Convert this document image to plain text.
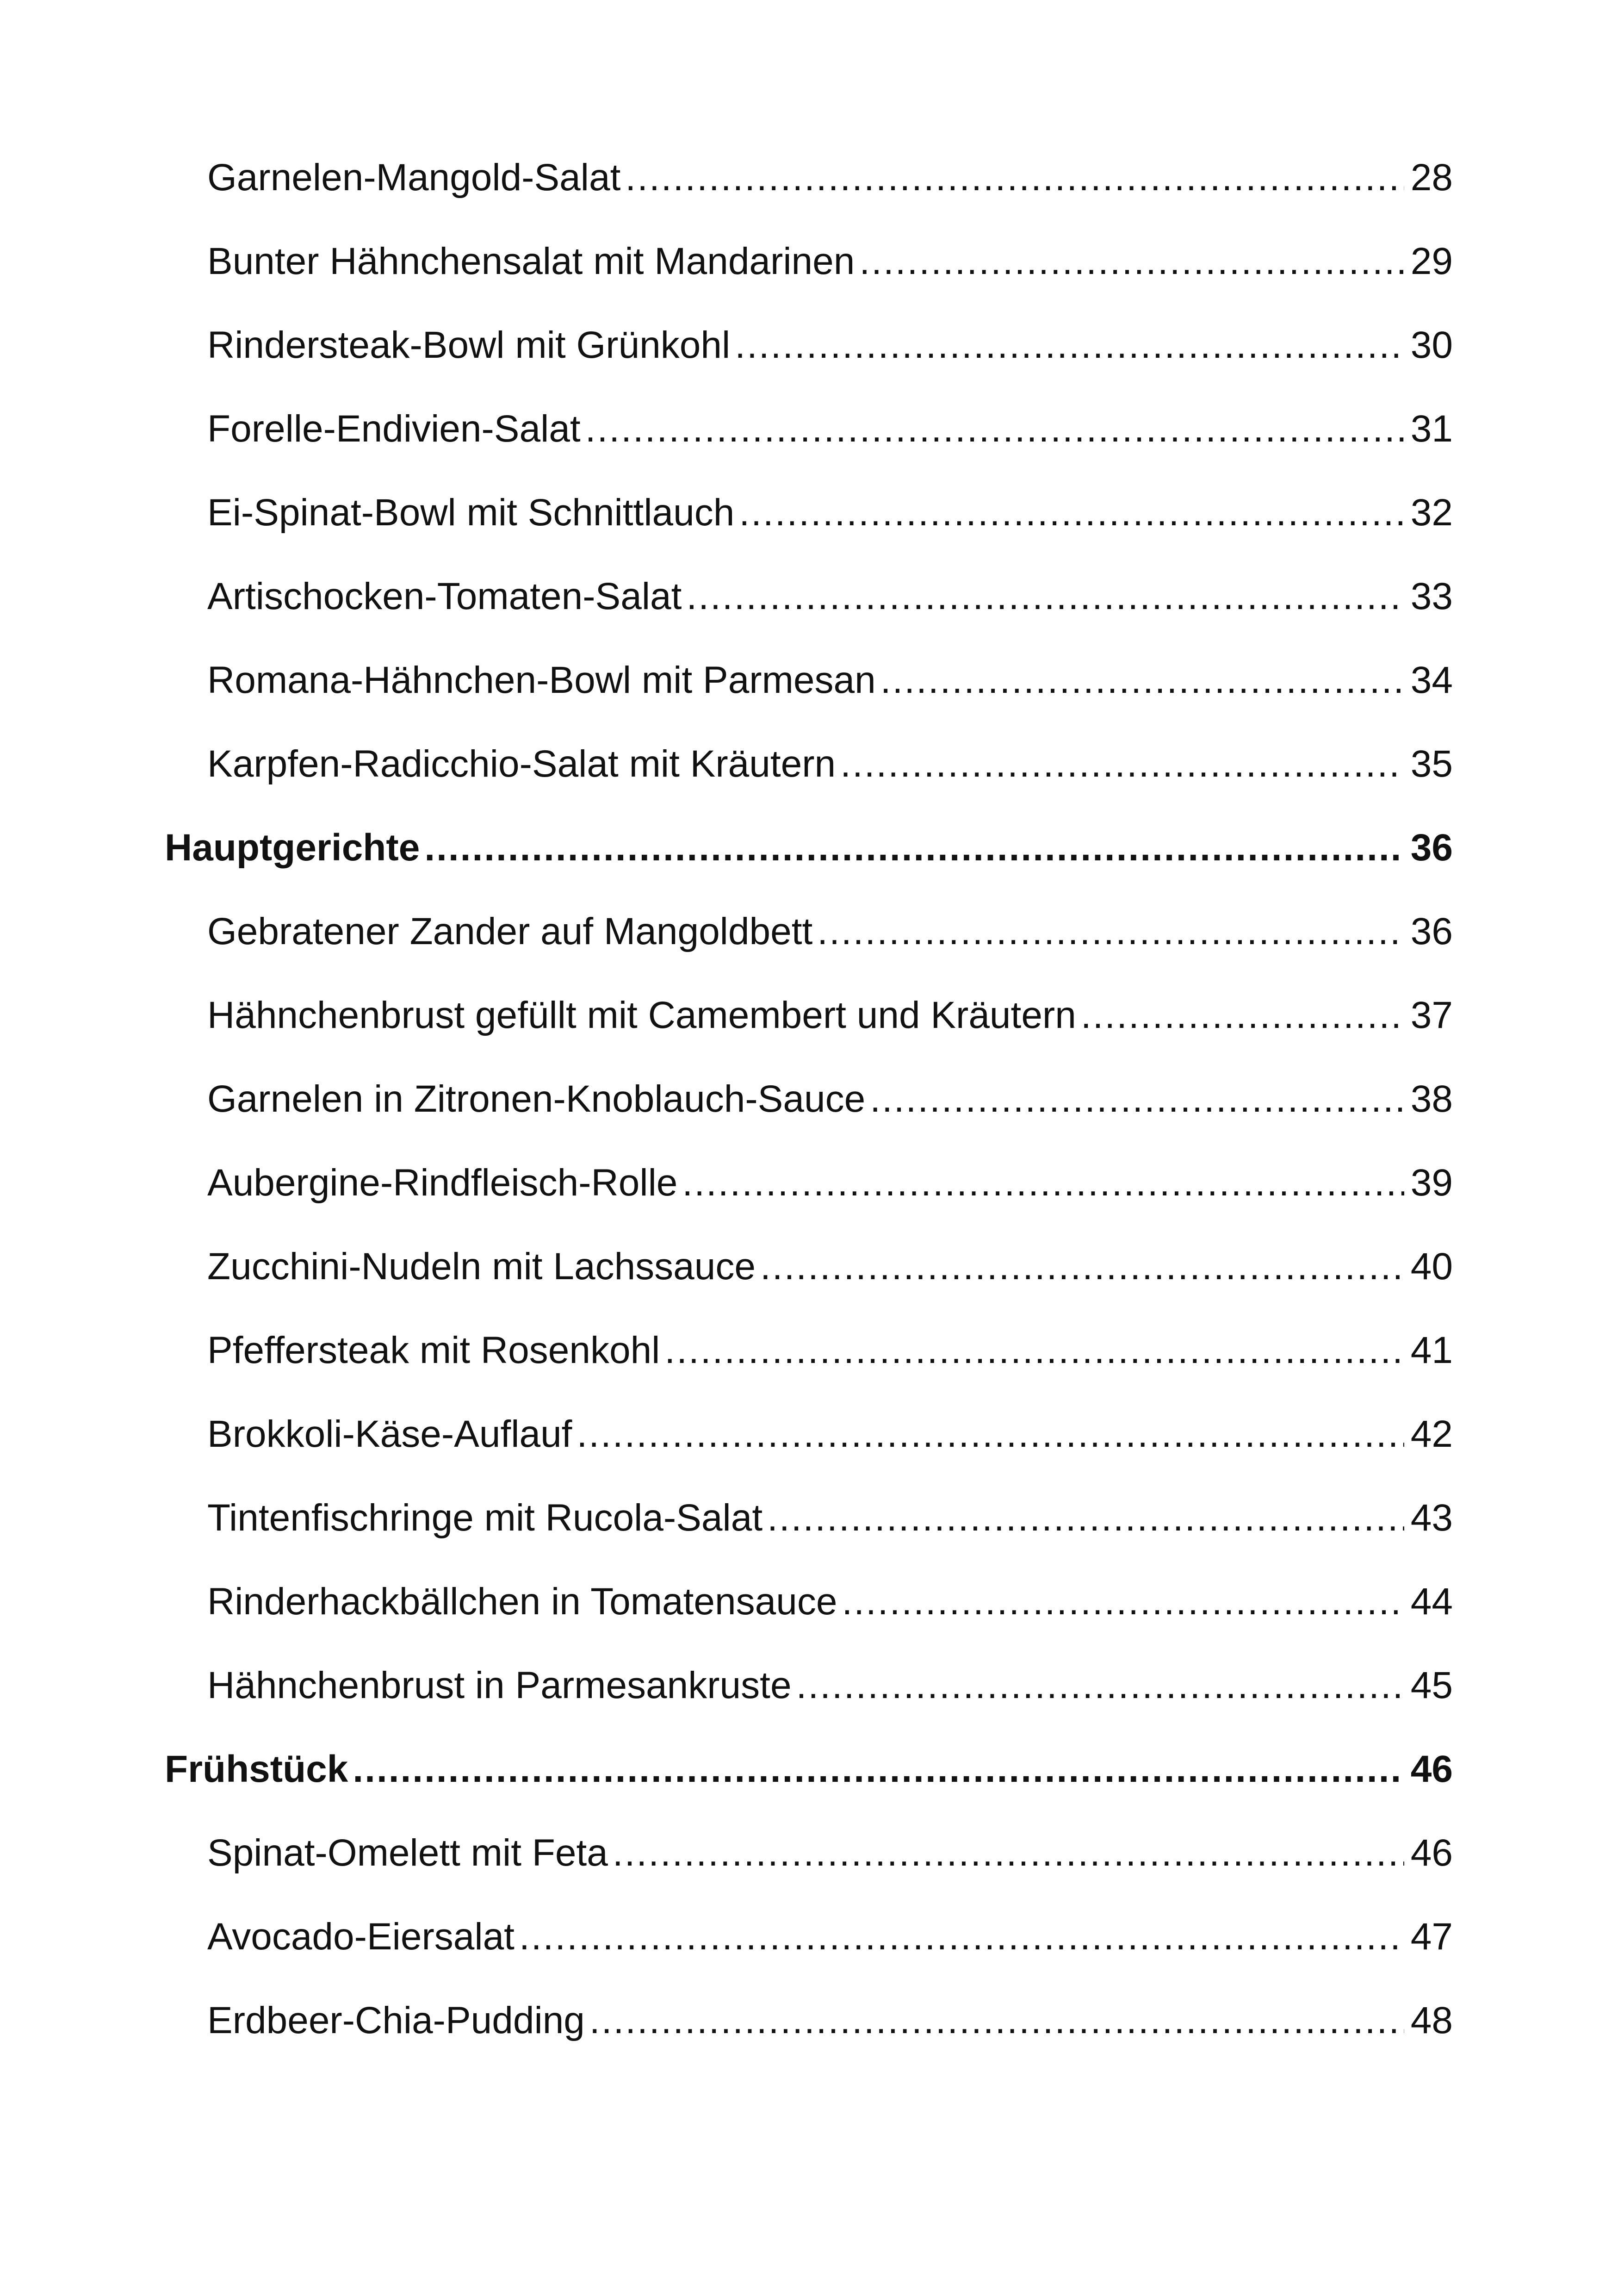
Garnelen-Mangold-Salat .....	28
Bunter Hähnchensalat mit Mandarinen .....	29
Rindersteak-Bowl mit Grünkohl .....	30
Forelle-Endivien-Salat .....	31
Ei-Spinat-Bowl mit Schnittlauch .....	32
Artischocken-Tomaten-Salat .....	33
Romana-Hähnchen-Bowl mit Parmesan .....	34
Karpfen-Radicchio-Salat mit Kräutern .....	35
Hauptgerichte .....	36
Gebratener Zander auf Mangoldbett .....	36
Hähnchenbrust gefüllt mit Camembert und Kräutern .....	37
Garnelen in Zitronen-Knoblauch-Sauce .....	38
Aubergine-Rindfleisch-Rolle .....	39
Zucchini-Nudeln mit Lachssauce .....	40
Pfeffersteak mit Rosenkohl .....	41
Brokkoli-Käse-Auflauf .....	42
Tintenfischringe mit Rucola-Salat .....	43
Rinderhackbällchen in Tomatensauce .....	44
Hähnchenbrust in Parmesankruste .....	45
Frühstück .....	46
Spinat-Omelett mit Feta .....	46
Avocado-Eiersalat .....	47
Erdbeer-Chia-Pudding .....	48
